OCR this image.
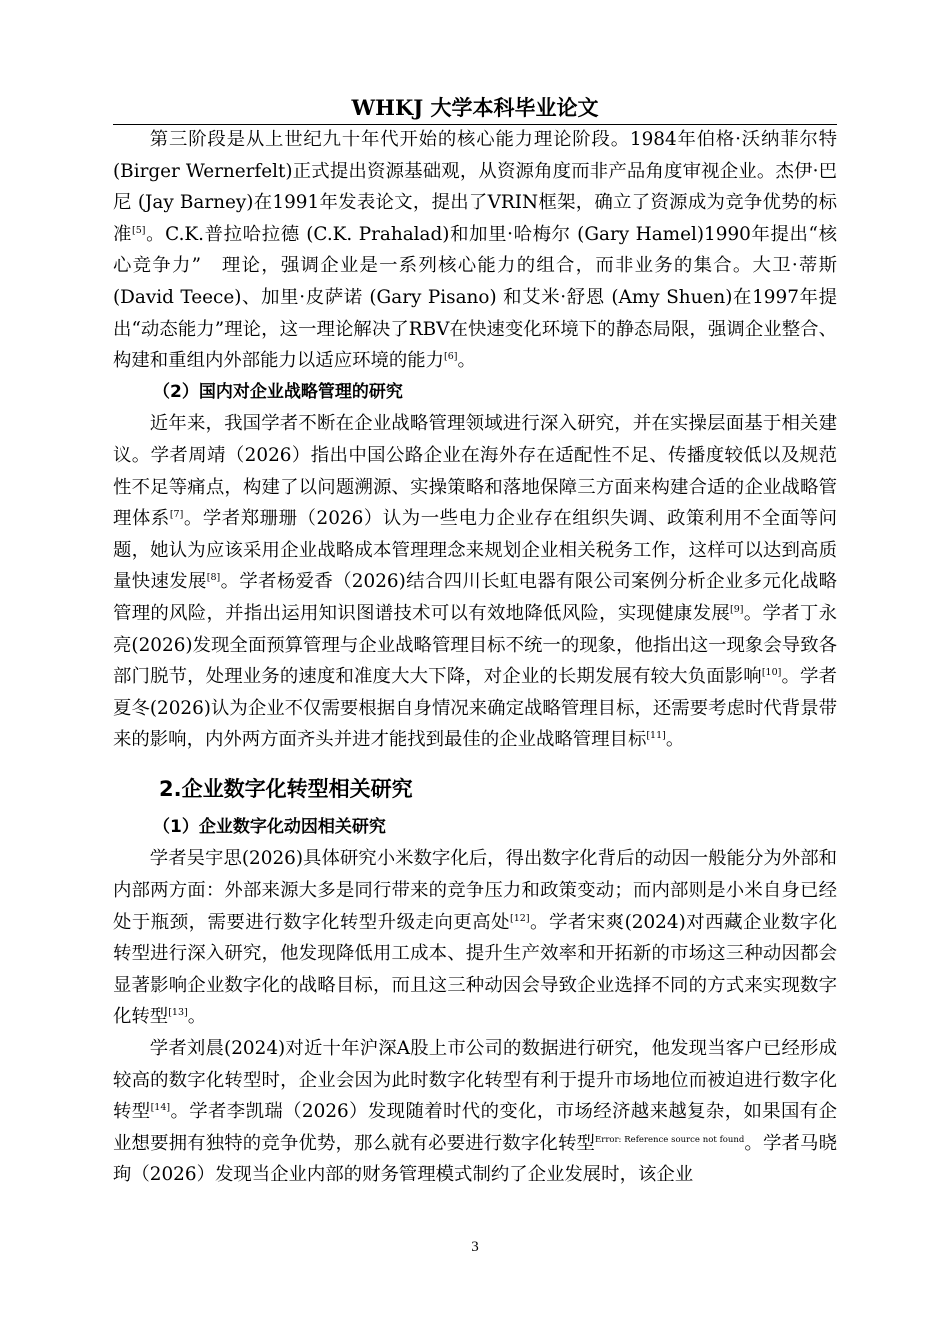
WHKJ 大学本科毕业论文

第三阶段是从上世纪九十年代开始的核心能力理论阶段。1984年伯格·沃纳菲尔特(Birger Wernerfelt)正式提出资源基础观，从资源角度而非产品角度审视企业。杰伊·巴尼 (Jay Barney)在1991年发表论文，提出了VRIN框架，确立了资源成为竞争优势的标准[5]。C.K.普拉哈拉德 (C.K. Prahalad)和加里·哈梅尔 (Gary Hamel)1990年提出“核心竞争力”　理论，强调企业是一系列核心能力的组合，而非业务的集合。大卫·蒂斯(David Teece)、加里·皮萨诺 (Gary Pisano) 和艾米·舒恩 (Amy Shuen)在1997年提出“动态能力”理论，这一理论解决了RBV在快速变化环境下的静态局限，强调企业整合、构建和重组内外部能力以适应环境的能力[6]。

（2）国内对企业战略管理的研究

近年来，我国学者不断在企业战略管理领域进行深入研究，并在实操层面基于相关建议。学者周靖（2026）指出中国公路企业在海外存在适配性不足、传播度较低以及规范性不足等痛点，构建了以问题溯源、实操策略和落地保障三方面来构建合适的企业战略管理体系[7]。学者郑珊珊（2026）认为一些电力企业存在组织失调、政策利用不全面等问题，她认为应该采用企业战略成本管理理念来规划企业相关税务工作，这样可以达到高质量快速发展[8]。学者杨爱香（2026)结合四川长虹电器有限公司案例分析企业多元化战略管理的风险，并指出运用知识图谱技术可以有效地降低风险，实现健康发展[9]。学者丁永亮(2026)发现全面预算管理与企业战略管理目标不统一的现象，他指出这一现象会导致各部门脱节，处理业务的速度和准度大大下降，对企业的长期发展有较大负面影响[10]。学者夏冬(2026)认为企业不仅需要根据自身情况来确定战略管理目标，还需要考虑时代背景带来的影响，内外两方面齐头并进才能找到最佳的企业战略管理目标[11]。

2.企业数字化转型相关研究
（1）企业数字化动因相关研究

学者吴宇思(2026)具体研究小米数字化后，得出数字化背后的动因一般能分为外部和内部两方面：外部来源大多是同行带来的竞争压力和政策变动；而内部则是小米自身已经处于瓶颈，需要进行数字化转型升级走向更高处[12]。学者宋爽(2024)对西藏企业数字化转型进行深入研究，他发现降低用工成本、提升生产效率和开拓新的市场这三种动因都会显著影响企业数字化的战略目标，而且这三种动因会导致企业选择不同的方式来实现数字化转型[13]。

学者刘晨(2024)对近十年沪深A股上市公司的数据进行研究，他发现当客户已经形成较高的数字化转型时，企业会因为此时数字化转型有利于提升市场地位而被迫进行数字化转型[14]。学者李凯瑞（2026）发现随着时代的变化，市场经济越来越复杂，如果国有企业想要拥有独特的竞争优势，那么就有必要进行数字化转型$^{Error: Reference source not found}$。学者马晓珣（2026）发现当企业内部的财务管理模式制约了企业发展时，该企业

3
